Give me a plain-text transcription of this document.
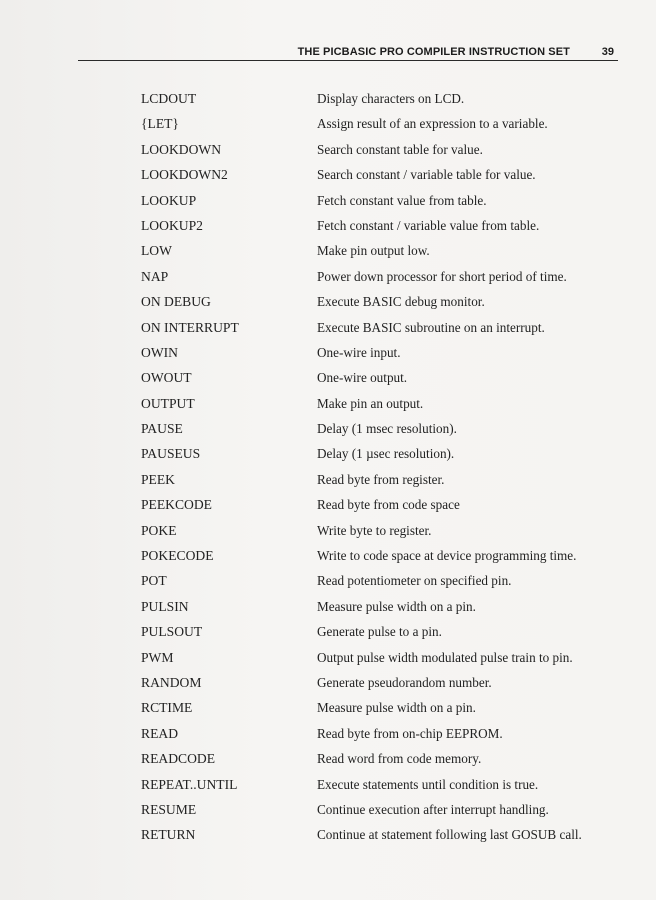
THE PICBASIC PRO COMPILER INSTRUCTION SET	39
LCDOUT	Display characters on LCD.
{LET}	Assign result of an expression to a variable.
LOOKDOWN	Search constant table for value.
LOOKDOWN2	Search constant / variable table for value.
LOOKUP	Fetch constant value from table.
LOOKUP2	Fetch constant / variable value from table.
LOW	Make pin output low.
NAP	Power down processor for short period of time.
ON DEBUG	Execute BASIC debug monitor.
ON INTERRUPT	Execute BASIC subroutine on an interrupt.
OWIN	One-wire input.
OWOUT	One-wire output.
OUTPUT	Make pin an output.
PAUSE	Delay (1 msec resolution).
PAUSEUS	Delay (1 µsec resolution).
PEEK	Read byte from register.
PEEKCODE	Read byte from code space
POKE	Write byte to register.
POKECODE	Write to code space at device programming time.
POT	Read potentiometer on specified pin.
PULSIN	Measure pulse width on a pin.
PULSOUT	Generate pulse to a pin.
PWM	Output pulse width modulated pulse train to pin.
RANDOM	Generate pseudorandom number.
RCTIME	Measure pulse width on a pin.
READ	Read byte from on-chip EEPROM.
READCODE	Read word from code memory.
REPEAT..UNTIL	Execute statements until condition is true.
RESUME	Continue execution after interrupt handling.
RETURN	Continue at statement following last GOSUB call.
